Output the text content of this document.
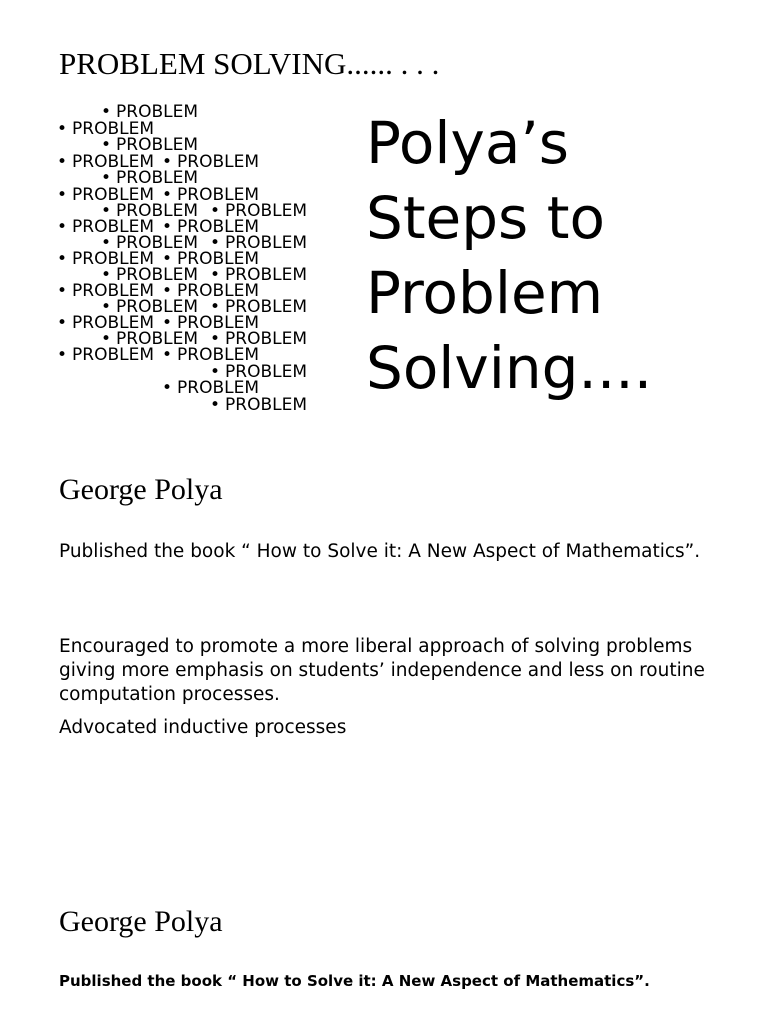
PROBLEM SOLVING...... . . .
• PROBLEM
• PROBLEM
• PROBLEM
• PROBLEM • PROBLEM
• PROBLEM
• PROBLEM • PROBLEM
• PROBLEM • PROBLEM
• PROBLEM • PROBLEM
• PROBLEM • PROBLEM
• PROBLEM • PROBLEM
• PROBLEM • PROBLEM
• PROBLEM • PROBLEM
• PROBLEM • PROBLEM
• PROBLEM • PROBLEM
• PROBLEM • PROBLEM
• PROBLEM • PROBLEM
• PROBLEM
• PROBLEM
• PROBLEM
Polya’s Steps to Problem Solving....
George Polya
Published the book “ How to Solve it: A New Aspect of Mathematics”.
Encouraged to promote a more liberal approach of solving problems giving more emphasis on students’ independence and less on routine computation processes.
Advocated inductive processes
George Polya
Published the book “ How to Solve it: A New Aspect of Mathematics”.
